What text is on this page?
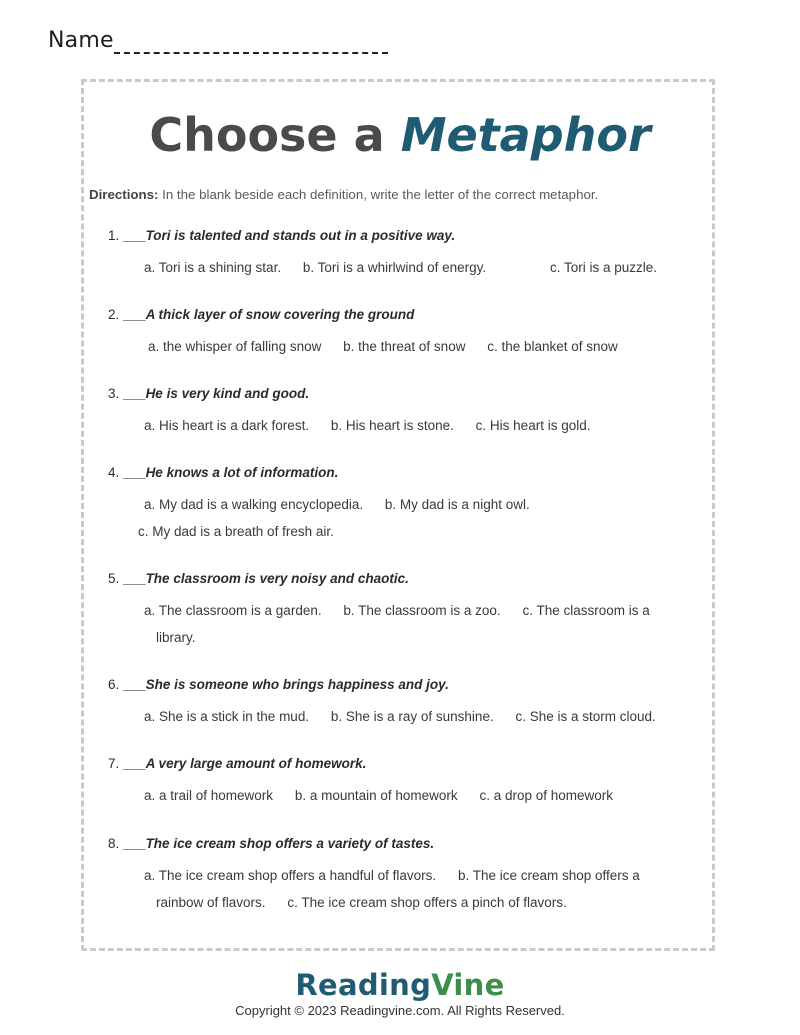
Name
Choose a Metaphor
Directions: In the blank beside each definition, write the letter of the correct metaphor.
1. ___Tori is talented and stands out in a positive way.
a. Tori is a shining star. b. Tori is a whirlwind of energy.	c. Tori is a puzzle.
2. ___A thick layer of snow covering the ground
a. the whisper of falling snow b. the threat of snow c. the blanket of snow
3. ___He is very kind and good.
a. His heart is a dark forest. b. His heart is stone. c. His heart is gold.
4. ___He knows a lot of information.
a. My dad is a walking encyclopedia. b. My dad is a night owl.
c. My dad is a breath of fresh air.
5. ___The classroom is very noisy and chaotic.
a. The classroom is a garden. b. The classroom is a zoo. c. The classroom is a
library.
6. ___She is someone who brings happiness and joy.
a. She is a stick in the mud. b. She is a ray of sunshine. c. She is a storm cloud.
7. ___A very large amount of homework.
a. a trail of homework b. a mountain of homework c. a drop of homework
8. ___The ice cream shop offers a variety of tastes.
a. The ice cream shop offers a handful of flavors. b. The ice cream shop offers a
rainbow of flavors. c. The ice cream shop offers a pinch of flavors.
ReadingVine
Copyright © 2023 Readingvine.com. All Rights Reserved.
